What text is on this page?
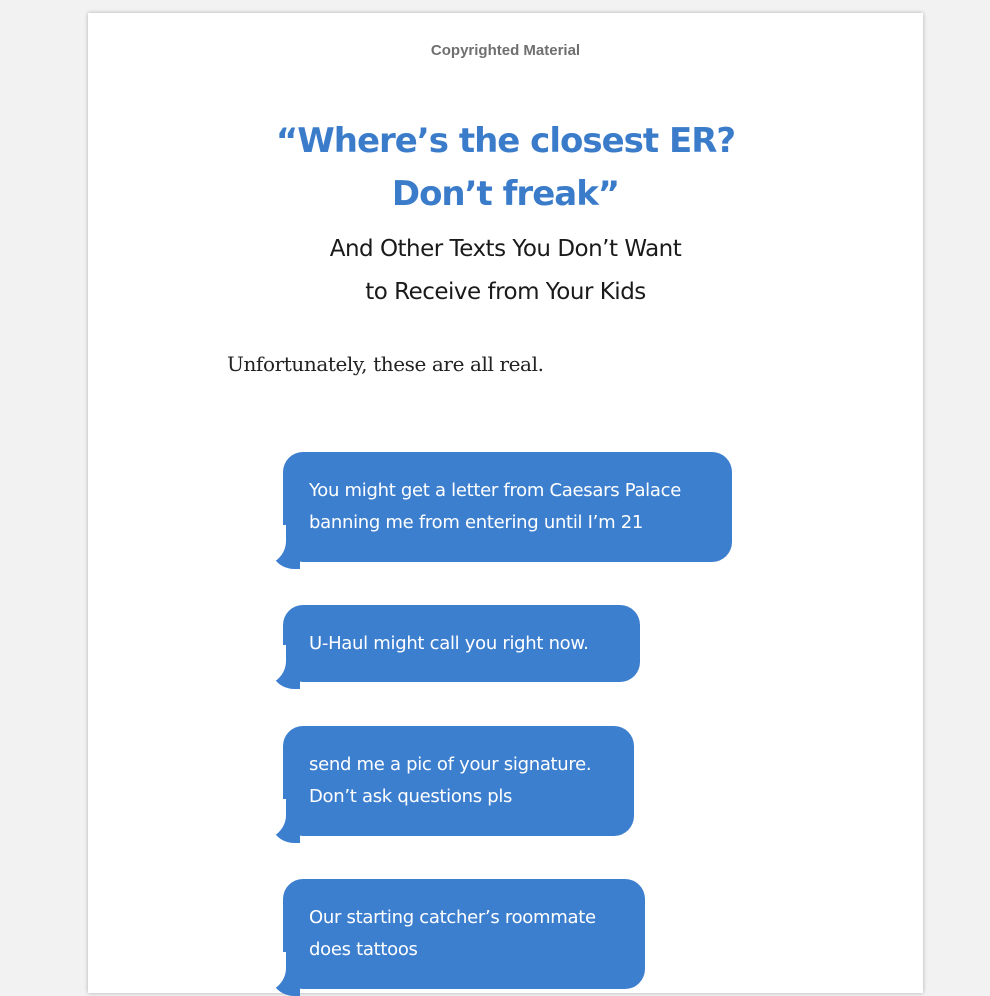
Copyrighted Material
“Where’s the closest ER?
Don’t freak”
And Other Texts You Don’t Want
to Receive from Your Kids
Unfortunately, these are all real.
You might get a letter from Caesars Palace
banning me from entering until I’m 21
U-Haul might call you right now.
send me a pic of your signature.
Don’t ask questions pls
Our starting catcher’s roommate
does tattoos
